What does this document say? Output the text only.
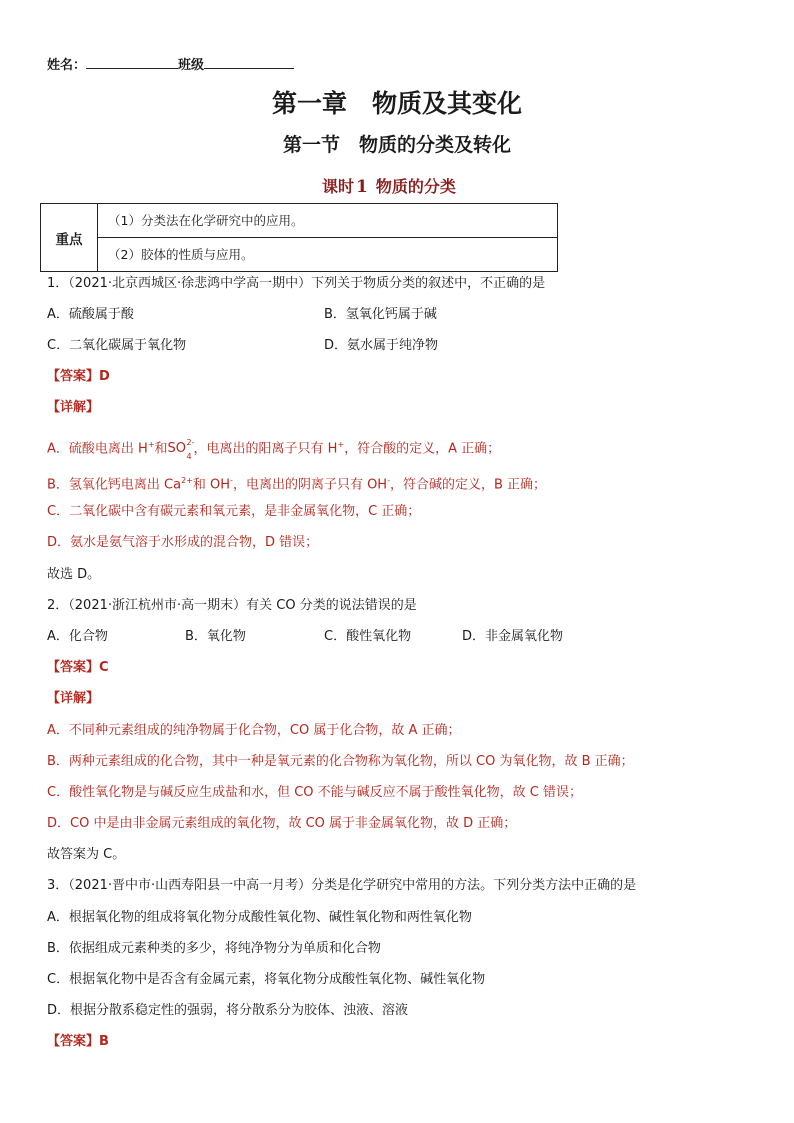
姓名：	班级
第一章　物质及其变化
第一节　物质的分类及转化
课时 1 物质的分类
重点	（1）分类法在化学研究中的应用。
（2）胶体的性质与应用。
1．（2021·北京西城区·徐悲鸿中学高一期中）下列关于物质分类的叙述中，不正确的是
A．硫酸属于酸	B．氢氧化钙属于碱
C．二氧化碳属于氧化物	D．氨水属于纯净物
【答案】D
【详解】
A．硫酸电离出 H+和SO 2-
4
，电离出的阳离子只有 H+，符合酸的定义，A 正确；
B．氢氧化钙电离出 $Ca^{2+}$和 OH-，电离出的阴离子只有 OH-，符合碱的定义，B 正确；
C．二氧化碳中含有碳元素和氧元素，是非金属氧化物，C 正确；
D．氨水是氨气溶于水形成的混合物，D 错误；
故选 D。
2．（2021·浙江杭州市·高一期末）有关 CO 分类的说法错误的是
A．化合物	B．氧化物	C．酸性氧化物	D．非金属氧化物
【答案】C
【详解】
A．不同种元素组成的纯净物属于化合物，CO 属于化合物，故 A 正确；
B．两种元素组成的化合物，其中一种是氧元素的化合物称为氧化物，所以 CO 为氧化物，故 B 正确；
C．酸性氧化物是与碱反应生成盐和水，但 CO 不能与碱反应不属于酸性氧化物，故 C 错误；
D．CO 中是由非金属元素组成的氧化物，故 CO 属于非金属氧化物，故 D 正确；
故答案为 C。
3．（2021·晋中市·山西寿阳县一中高一月考）分类是化学研究中常用的方法。下列分类方法中正确的是
A．根据氧化物的组成将氧化物分成酸性氧化物、碱性氧化物和两性氧化物
B．依据组成元素种类的多少，将纯净物分为单质和化合物
C．根据氧化物中是否含有金属元素，将氧化物分成酸性氧化物、碱性氧化物
D．根据分散系稳定性的强弱，将分散系分为胶体、浊液、溶液
【答案】B
